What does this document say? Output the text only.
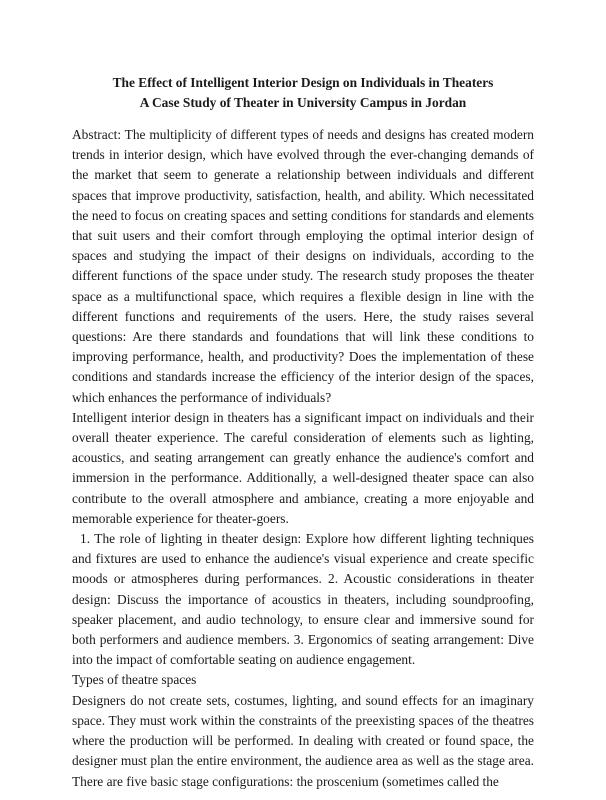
The Effect of Intelligent Interior Design on Individuals in Theaters
A Case Study of Theater in University Campus in Jordan

Abstract: The multiplicity of different types of needs and designs has created modern trends in interior design, which have evolved through the ever-changing demands of the market that seem to generate a relationship between individuals and different spaces that improve productivity, satisfaction, health, and ability. Which necessitated the need to focus on creating spaces and setting conditions for standards and elements that suit users and their comfort through employing the optimal interior design of spaces and studying the impact of their designs on individuals, according to the different functions of the space under study. The research study proposes the theater space as a multifunctional space, which requires a flexible design in line with the different functions and requirements of the users. Here, the study raises several questions: Are there standards and foundations that will link these conditions to improving performance, health, and productivity? Does the implementation of these conditions and standards increase the efficiency of the interior design of the spaces, which enhances the performance of individuals?

Intelligent interior design in theaters has a significant impact on individuals and their overall theater experience. The careful consideration of elements such as lighting, acoustics, and seating arrangement can greatly enhance the audience's comfort and immersion in the performance. Additionally, a well-designed theater space can also contribute to the overall atmosphere and ambiance, creating a more enjoyable and memorable experience for theater-goers.

1. The role of lighting in theater design: Explore how different lighting techniques and fixtures are used to enhance the audience's visual experience and create specific moods or atmospheres during performances. 2. Acoustic considerations in theater design: Discuss the importance of acoustics in theaters, including soundproofing, speaker placement, and audio technology, to ensure clear and immersive sound for both performers and audience members. 3. Ergonomics of seating arrangement: Dive into the impact of comfortable seating on audience engagement.

Types of theatre spaces

Designers do not create sets, costumes, lighting, and sound effects for an imaginary space. They must work within the constraints of the preexisting spaces of the theatres where the production will be performed. In dealing with created or found space, the designer must plan the entire environment, the audience area as well as the stage area. There are five basic stage configurations: the proscenium (sometimes called the
